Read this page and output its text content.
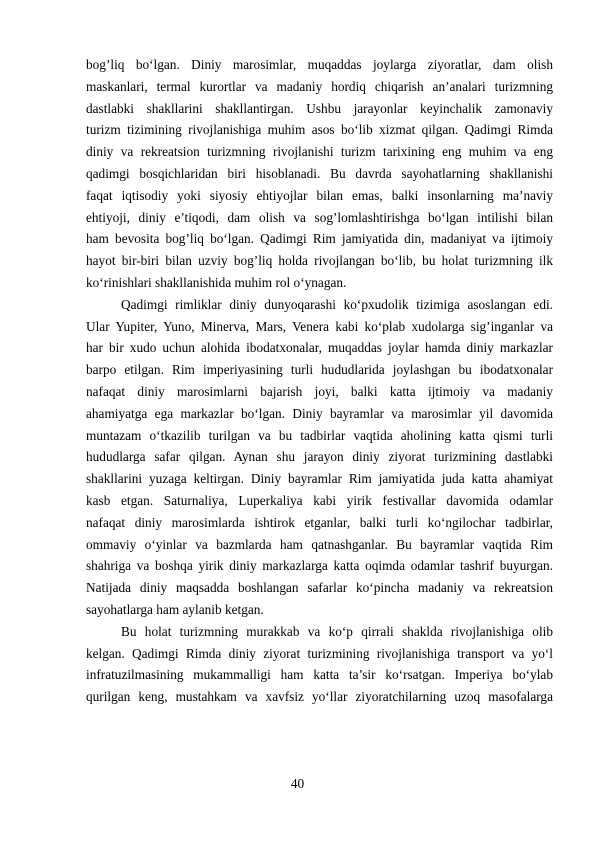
bog’liq bo‘lgan. Diniy marosimlar, muqaddas joylarga ziyoratlar, dam olish
maskanlari, termal kurortlar va madaniy hordiq chiqarish an’analari turizmning
dastlabki shakllarini shakllantirgan. Ushbu jarayonlar keyinchalik zamonaviy
turizm tizimining rivojlanishiga muhim asos bo‘lib xizmat qilgan. Qadimgi Rimda
diniy va rekreatsion turizmning rivojlanishi turizm tarixining eng muhim va eng
qadimgi bosqichlaridan biri hisoblanadi. Bu davrda sayohatlarning shakllanishi
faqat iqtisodiy yoki siyosiy ehtiyojlar bilan emas, balki insonlarning ma’naviy
ehtiyoji, diniy e’tiqodi, dam olish va sog’lomlashtirishga bo‘lgan intilishi bilan
ham bevosita bog’liq bo‘lgan. Qadimgi Rim jamiyatida din, madaniyat va ijtimoiy
hayot bir-biri bilan uzviy bog’liq holda rivojlangan bo‘lib, bu holat turizmning ilk
ko‘rinishlari shakllanishida muhim rol o‘ynagan.
Qadimgi rimliklar diniy dunyoqarashi ko‘pxudolik tizimiga asoslangan edi.
Ular Yupiter, Yuno, Minerva, Mars, Venera kabi ko‘plab xudolarga sig’inganlar va
har bir xudo uchun alohida ibodatxonalar, muqaddas joylar hamda diniy markazlar
barpo etilgan. Rim imperiyasining turli hududlarida joylashgan bu ibodatxonalar
nafaqat diniy marosimlarni bajarish joyi, balki katta ijtimoiy va madaniy
ahamiyatga ega markazlar bo‘lgan. Diniy bayramlar va marosimlar yil davomida
muntazam o‘tkazilib turilgan va bu tadbirlar vaqtida aholining katta qismi turli
hududlarga safar qilgan. Aynan shu jarayon diniy ziyorat turizmining dastlabki
shakllarini yuzaga keltirgan. Diniy bayramlar Rim jamiyatida juda katta ahamiyat
kasb etgan. Saturnaliya, Luperkaliya kabi yirik festivallar davomida odamlar
nafaqat diniy marosimlarda ishtirok etganlar, balki turli ko‘ngilochar tadbirlar,
ommaviy o‘yinlar va bazmlarda ham qatnashganlar. Bu bayramlar vaqtida Rim
shahriga va boshqa yirik diniy markazlarga katta oqimda odamlar tashrif buyurgan.
Natijada diniy maqsadda boshlangan safarlar ko‘pincha madaniy va rekreatsion
sayohatlarga ham aylanib ketgan.
Bu holat turizmning murakkab va ko‘p qirrali shaklda rivojlanishiga olib
kelgan. Qadimgi Rimda diniy ziyorat turizmining rivojlanishiga transport va yo‘l
infratuzilmasining mukammalligi ham katta ta’sir ko‘rsatgan. Imperiya bo‘ylab
qurilgan keng, mustahkam va xavfsiz yo‘llar ziyoratchilarning uzoq masofalarga
40
